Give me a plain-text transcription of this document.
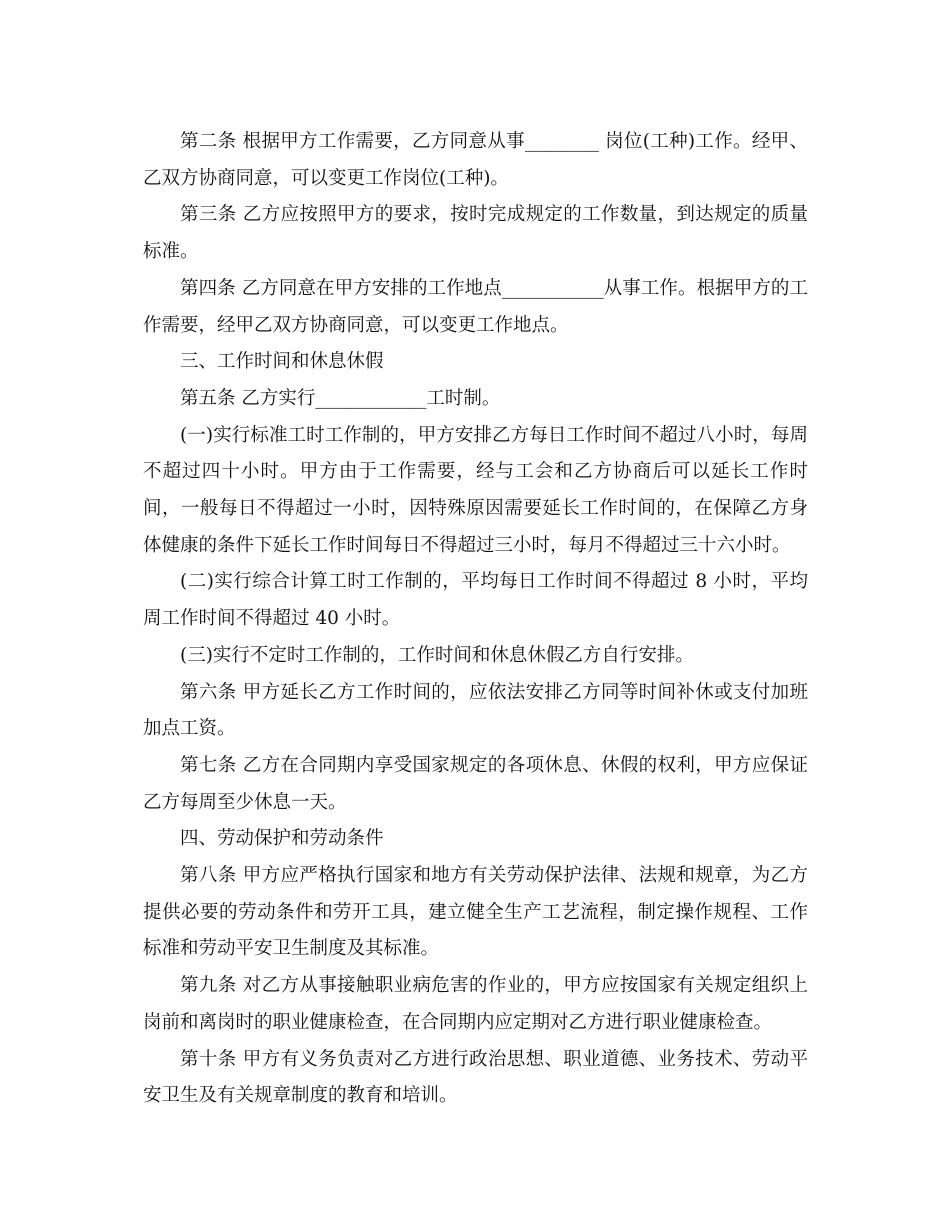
第二条 根据甲方工作需要，乙方同意从事________ 岗位(工种)工作。经甲、乙双方协商同意，可以变更工作岗位(工种)。

第三条 乙方应按照甲方的要求，按时完成规定的工作数量，到达规定的质量标准。

第四条 乙方同意在甲方安排的工作地点___________从事工作。根据甲方的工作需要，经甲乙双方协商同意，可以变更工作地点。

三、工作时间和休息休假

第五条 乙方实行____________工时制。

(一)实行标准工时工作制的，甲方安排乙方每日工作时间不超过八小时，每周不超过四十小时。甲方由于工作需要，经与工会和乙方协商后可以延长工作时间，一般每日不得超过一小时，因特殊原因需要延长工作时间的，在保障乙方身体健康的条件下延长工作时间每日不得超过三小时，每月不得超过三十六小时。

(二)实行综合计算工时工作制的，平均每日工作时间不得超过 8 小时，平均周工作时间不得超过 40 小时。

(三)实行不定时工作制的，工作时间和休息休假乙方自行安排。

第六条 甲方延长乙方工作时间的，应依法安排乙方同等时间补休或支付加班加点工资。

第七条 乙方在合同期内享受国家规定的各项休息、休假的权利，甲方应保证乙方每周至少休息一天。

四、劳动保护和劳动条件

第八条 甲方应严格执行国家和地方有关劳动保护法律、法规和规章，为乙方提供必要的劳动条件和劳开工具，建立健全生产工艺流程，制定操作规程、工作标准和劳动平安卫生制度及其标准。

第九条 对乙方从事接触职业病危害的作业的，甲方应按国家有关规定组织上岗前和离岗时的职业健康检查，在合同期内应定期对乙方进行职业健康检查。

第十条 甲方有义务负责对乙方进行政治思想、职业道德、业务技术、劳动平安卫生及有关规章制度的教育和培训。
